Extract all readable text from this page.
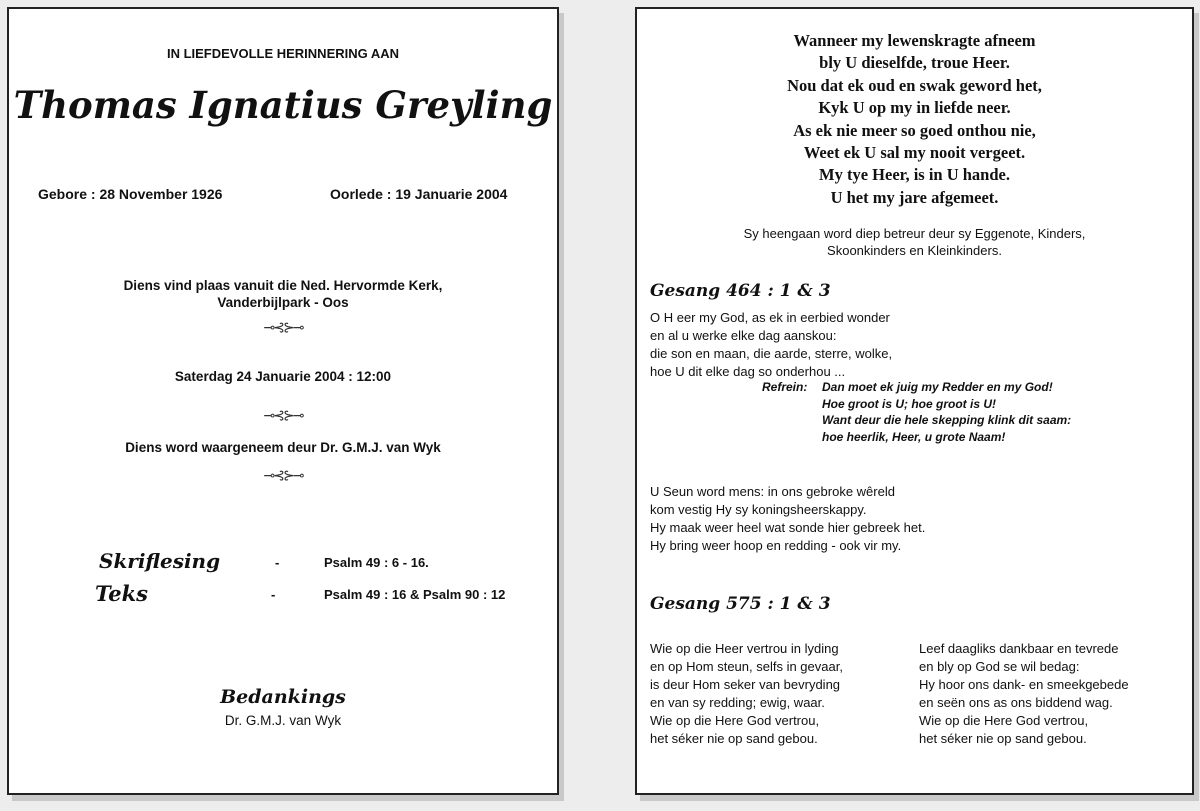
IN LIEFDEVOLLE HERINNERING AAN
Thomas Ignatius Greyling
Gebore : 28 November 1926	Oorlede : 19 Januarie 2004
Diens vind plaas vanuit die Ned. Hervormde Kerk,
Vanderbijlpark - Oos
⊸⊰⊱⊸
Saterdag 24 Januarie 2004 : 12:00
⊸⊰⊱⊸
Diens word waargeneem deur Dr. G.M.J. van Wyk
⊸⊰⊱⊸
Skriflesing	-	Psalm 49 : 6 - 16.
Teks	-	Psalm 49 : 16 & Psalm 90 : 12
Bedankings
Dr. G.M.J. van Wyk
Wanneer my lewenskragte afneem
bly U dieselfde, troue Heer.
Nou dat ek oud en swak geword het,
Kyk U op my in liefde neer.
As ek nie meer so goed onthou nie,
Weet ek U sal my nooit vergeet.
My tye Heer, is in U hande.
U het my jare afgemeet.
Sy heengaan word diep betreur deur sy Eggenote, Kinders,
Skoonkinders en Kleinkinders.
Gesang 464 : 1 & 3
O H eer my God, as ek in eerbied wonder
en al u werke elke dag aanskou:
die son en maan, die aarde, sterre, wolke,
hoe U dit elke dag so onderhou ...
Refrein: Dan moet ek juig my Redder en my God!
Hoe groot is U; hoe groot is U!
Want deur die hele skepping klink dit saam:
hoe heerlik, Heer, u grote Naam!
U Seun word mens: in ons gebroke wêreld
kom vestig Hy sy koningsheerskappy.
Hy maak weer heel wat sonde hier gebreek het.
Hy bring weer hoop en redding - ook vir my.
Gesang 575 : 1 & 3
Wie op die Heer vertrou in lyding
en op Hom steun, selfs in gevaar,
is deur Hom seker van bevryding
en van sy redding; ewig, waar.
Wie op die Here God vertrou,
het séker nie op sand gebou.
Leef daagliks dankbaar en tevrede
en bly op God se wil bedag:
Hy hoor ons dank- en smeekgebede
en seën ons as ons biddend wag.
Wie op die Here God vertrou,
het séker nie op sand gebou.
